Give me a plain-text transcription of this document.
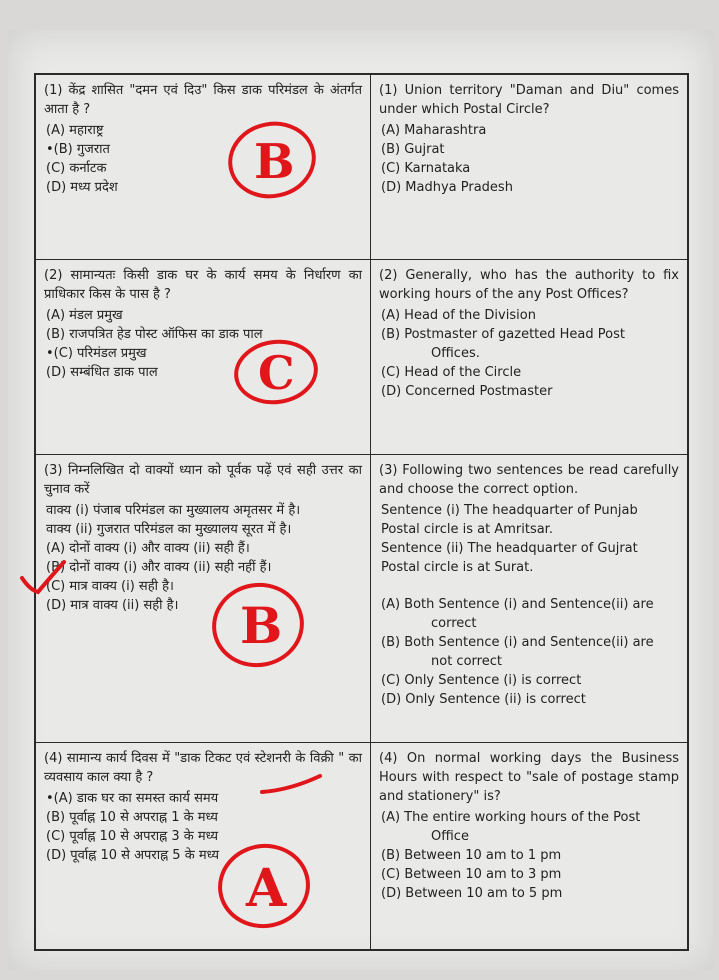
(1) केंद्र शासित "दमन एवं दिउ" किस डाक परिमंडल के अंतर्गत आता है ?

(A) महाराष्ट्र

•(B) गुजरात

(C) कर्नाटक

(D) मध्य प्रदेश

(1) Union territory "Daman and Diu" comes under which Postal Circle?

(A) Maharashtra

(B) Gujrat

(C) Karnataka

(D) Madhya Pradesh

(2) सामान्यतः किसी डाक घर के कार्य समय के निर्धारण का प्राधिकार किस के पास है ?

(A) मंडल प्रमुख

(B) राजपत्रित हेड पोस्ट ऑफिस का डाक पाल

•(C) परिमंडल प्रमुख

(D) सम्बंधित डाक पाल

(2) Generally, who has the authority to fix working hours of the any Post Offices?

(A) Head of the Division

(B) Postmaster of gazetted Head Post

Offices.

(C) Head of the Circle

(D) Concerned Postmaster

(3) निम्नलिखित दो वाक्यों ध्यान को पूर्वक पढ़ें एवं सही उत्तर का चुनाव करें

वाक्य (i) पंजाब परिमंडल का मुख्यालय अमृतसर में है।

वाक्य (ii) गुजरात परिमंडल का मुख्यालय सूरत में है।

(A) दोनों वाक्य (i) और वाक्य (ii) सही हैं।

(B) दोनों वाक्य (i) और वाक्य (ii) सही नहीं हैं।

(C) मात्र वाक्य (i) सही है।

(D) मात्र वाक्य (ii) सही है।

(3) Following two sentences be read carefully and choose the correct option.

Sentence (i) The headquarter of Punjab Postal circle is at Amritsar.

Sentence (ii) The headquarter of Gujrat Postal circle is at Surat.

(A) Both Sentence (i) and Sentence(ii) are

correct

(B) Both Sentence (i) and Sentence(ii) are

not correct

(C) Only Sentence (i) is correct

(D) Only Sentence (ii) is correct

(4) सामान्य कार्य दिवस में "डाक टिकट एवं स्टेशनरी के विक्री " का व्यवसाय काल क्या है ?

•(A) डाक घर का समस्त कार्य समय

(B) पूर्वाह्न 10 से अपराह्न 1 के मध्य

(C) पूर्वाह्न 10 से अपराह्न 3 के मध्य

(D) पूर्वाह्न 10 से अपराह्न 5 के मध्य

(4) On normal working days the Business Hours with respect to "sale of postage stamp and stationery" is?

(A) The entire working hours of the Post

Office

(B) Between 10 am to 1 pm

(C) Between 10 am to 3 pm

(D) Between 10 am to 5 pm

B
C
B
A
